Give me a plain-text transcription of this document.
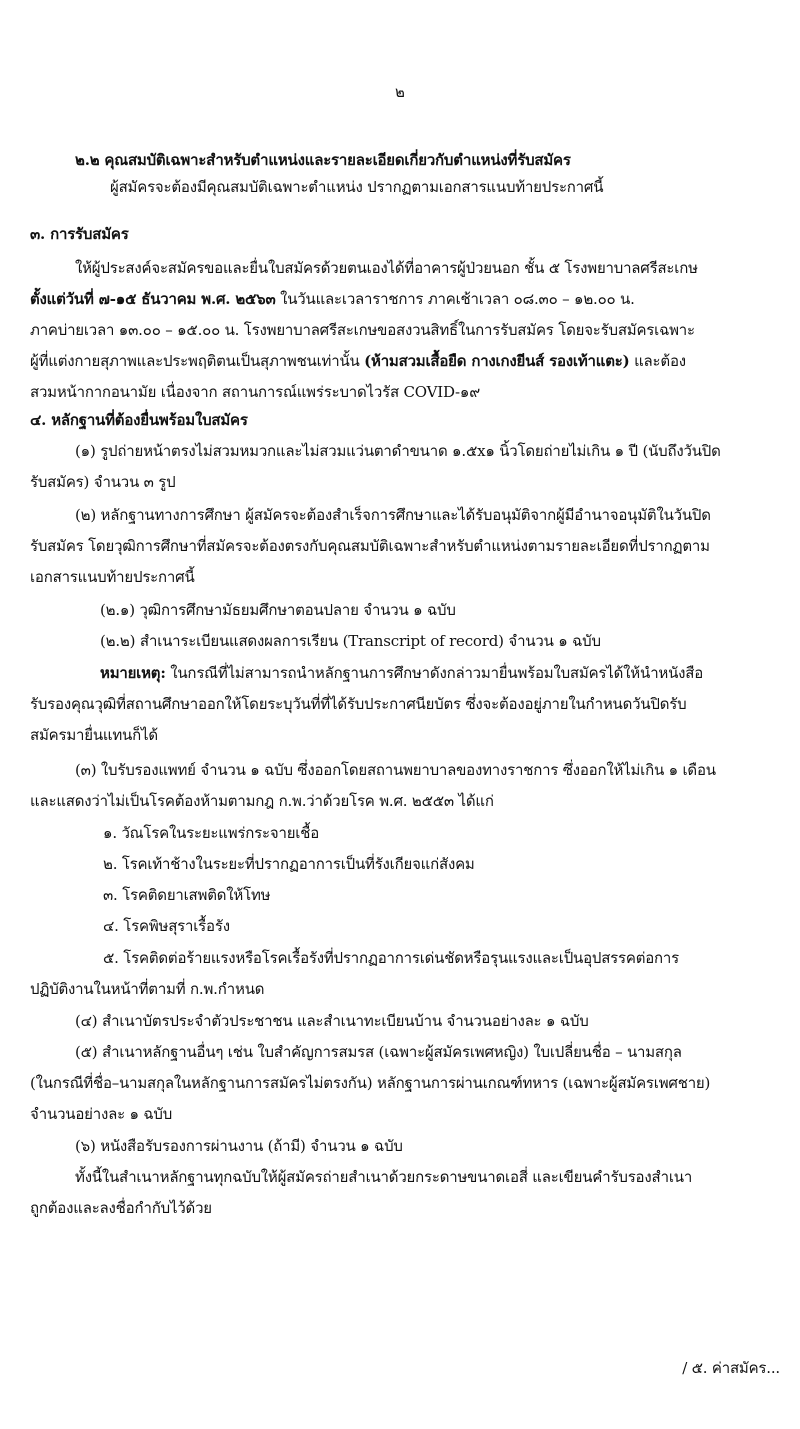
๒
๒.๒ คุณสมบัติเฉพาะสำหรับตำแหน่งและรายละเอียดเกี่ยวกับตำแหน่งที่รับสมัคร
ผู้สมัครจะต้องมีคุณสมบัติเฉพาะตำแหน่ง ปรากฏตามเอกสารแนบท้ายประกาศนี้
๓. การรับสมัคร
ให้ผู้ประสงค์จะสมัครขอและยื่นใบสมัครด้วยตนเองได้ที่อาคารผู้ป่วยนอก ชั้น ๕ โรงพยาบาลศรีสะเกษ
ตั้งแต่วันที่ ๗-๑๕ ธันวาคม พ.ศ. ๒๕๖๓ ในวันและเวลาราชการ ภาคเช้าเวลา ๐๘.๓๐ – ๑๒.๐๐ น.
ภาคบ่ายเวลา ๑๓.๐๐ – ๑๕.๐๐ น. โรงพยาบาลศรีสะเกษขอสงวนสิทธิ์ในการรับสมัคร โดยจะรับสมัครเฉพาะ
ผู้ที่แต่งกายสุภาพและประพฤติตนเป็นสุภาพชนเท่านั้น (ห้ามสวมเสื้อยืด กางเกงยีนส์ รองเท้าแตะ) และต้อง
สวมหน้ากากอนามัย เนื่องจาก สถานการณ์แพร่ระบาดไวรัส COVID-๑๙
๔. หลักฐานที่ต้องยื่นพร้อมใบสมัคร
(๑) รูปถ่ายหน้าตรงไม่สวมหมวกและไม่สวมแว่นตาดำขนาด ๑.๕x๑ นิ้วโดยถ่ายไม่เกิน ๑ ปี (นับถึงวันปิด
รับสมัคร) จำนวน ๓ รูป
(๒) หลักฐานทางการศึกษา ผู้สมัครจะต้องสำเร็จการศึกษาและได้รับอนุมัติจากผู้มีอำนาจอนุมัติในวันปิด
รับสมัคร โดยวุฒิการศึกษาที่สมัครจะต้องตรงกับคุณสมบัติเฉพาะสำหรับตำแหน่งตามรายละเอียดที่ปรากฏตาม
เอกสารแนบท้ายประกาศนี้
(๒.๑) วุฒิการศึกษามัธยมศึกษาตอนปลาย จำนวน ๑ ฉบับ
(๒.๒) สำเนาระเบียนแสดงผลการเรียน (Transcript of record) จำนวน ๑ ฉบับ
หมายเหตุ: ในกรณีที่ไม่สามารถนำหลักฐานการศึกษาดังกล่าวมายื่นพร้อมใบสมัครได้ให้นำหนังสือ
รับรองคุณวุฒิที่สถานศึกษาออกให้โดยระบุวันที่ที่ได้รับประกาศนียบัตร ซึ่งจะต้องอยู่ภายในกำหนดวันปิดรับ
สมัครมายื่นแทนก็ได้
(๓) ใบรับรองแพทย์ จำนวน ๑ ฉบับ ซึ่งออกโดยสถานพยาบาลของทางราชการ ซึ่งออกให้ไม่เกิน ๑ เดือน
และแสดงว่าไม่เป็นโรคต้องห้ามตามกฎ ก.พ.ว่าด้วยโรค พ.ศ. ๒๕๕๓ ได้แก่
๑. วัณโรคในระยะแพร่กระจายเชื้อ
๒. โรคเท้าช้างในระยะที่ปรากฏอาการเป็นที่รังเกียจแก่สังคม
๓. โรคติดยาเสพติดให้โทษ
๔. โรคพิษสุราเรื้อรัง
๕. โรคติดต่อร้ายแรงหรือโรคเรื้อรังที่ปรากฏอาการเด่นชัดหรือรุนแรงและเป็นอุปสรรคต่อการ
ปฏิบัติงานในหน้าที่ตามที่ ก.พ.กำหนด
(๔) สำเนาบัตรประจำตัวประชาชน และสำเนาทะเบียนบ้าน จำนวนอย่างละ ๑ ฉบับ
(๕) สำเนาหลักฐานอื่นๆ เช่น ใบสำคัญการสมรส (เฉพาะผู้สมัครเพศหญิง) ใบเปลี่ยนชื่อ – นามสกุล
(ในกรณีที่ชื่อ–นามสกุลในหลักฐานการสมัครไม่ตรงกัน) หลักฐานการผ่านเกณฑ์ทหาร (เฉพาะผู้สมัครเพศชาย)
จำนวนอย่างละ ๑ ฉบับ
(๖) หนังสือรับรองการผ่านงาน (ถ้ามี) จำนวน ๑ ฉบับ
ทั้งนี้ในสำเนาหลักฐานทุกฉบับให้ผู้สมัครถ่ายสำเนาด้วยกระดาษขนาดเอสี่ และเขียนคำรับรองสำเนา
ถูกต้องและลงชื่อกำกับไว้ด้วย
/ ๕. ค่าสมัคร...
